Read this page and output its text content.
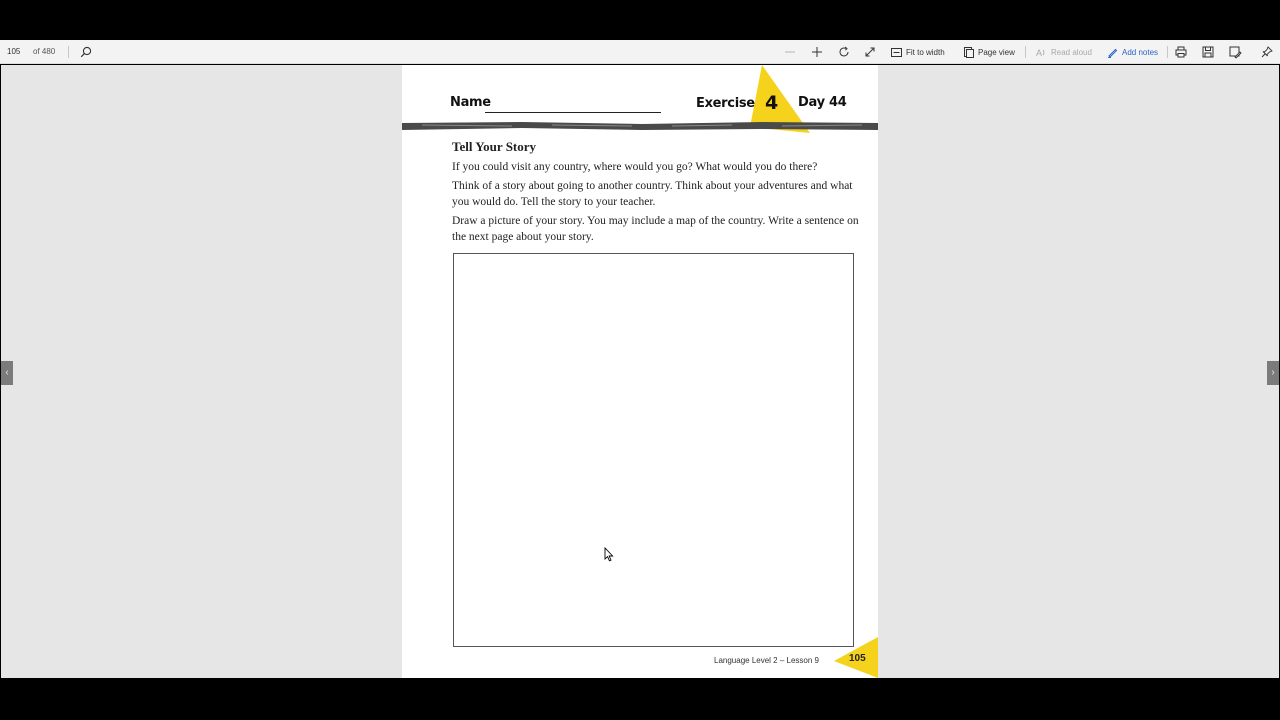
105	of 480	Fit to width	Page view A Read aloud	Add notes
‹	›
Name	Exercise 4 Day 44
Tell Your Story
If you could visit any country, where would you go? What would you do there?
Think of a story about going to another country. Think about your adventures and what you would do. Tell the story to your teacher.
Draw a picture of your story. You may include a map of the country. Write a sentence on the next page about your story.
Language Level 2 – Lesson 9	105
